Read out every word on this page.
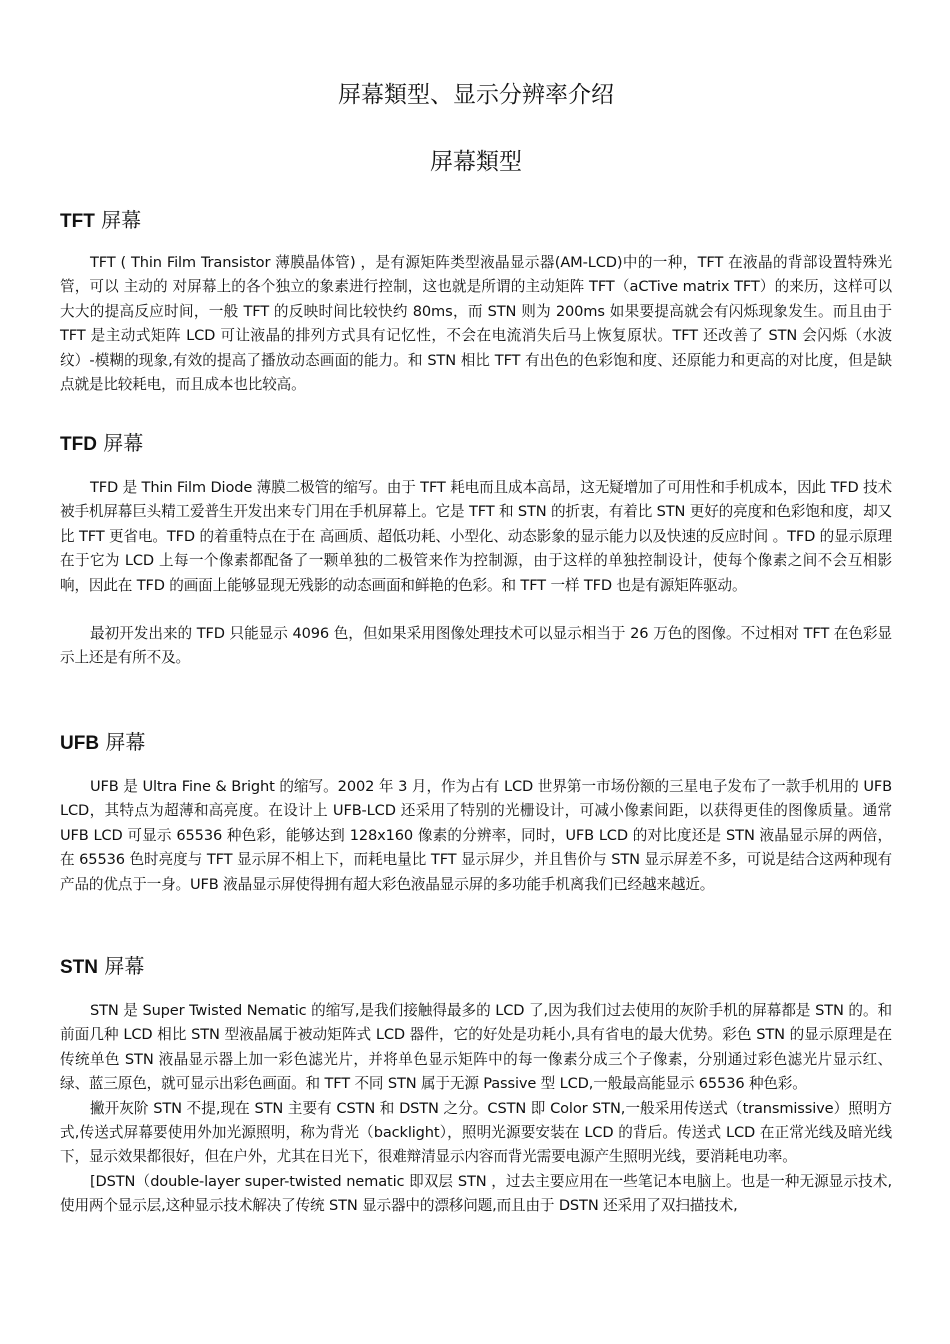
屏幕類型、显示分辨率介绍
屏幕類型
TFT 屏幕

TFT ( Thin Film Transistor 薄膜晶体管) ，是有源矩阵类型液晶显示器(AM-LCD)中的一种，TFT 在液晶的背部设置特殊光管，可以 主动的 对屏幕上的各个独立的象素进行控制，这也就是所谓的主动矩阵 TFT（aCTive matrix TFT）的来历，这样可以大大的提高反应时间，一般 TFT 的反映时间比较快约 80ms，而 STN 则为 200ms 如果要提高就会有闪烁现象发生。而且由于 TFT 是主动式矩阵 LCD 可让液晶的排列方式具有记忆性，不会在电流消失后马上恢复原状。TFT 还改善了 STN 会闪烁（水波纹）-模糊的现象,有效的提高了播放动态画面的能力。和 STN 相比 TFT 有出色的色彩饱和度、还原能力和更高的对比度，但是缺点就是比较耗电，而且成本也比较高。

TFD 屏幕

TFD 是 Thin Film Diode 薄膜二极管的缩写。由于 TFT 耗电而且成本高昂，这无疑增加了可用性和手机成本，因此 TFD 技术被手机屏幕巨头精工爱普生开发出来专门用在手机屏幕上。它是 TFT 和 STN 的折衷，有着比 STN 更好的亮度和色彩饱和度，却又比 TFT 更省电。TFD 的着重特点在于在 高画质、超低功耗、小型化、动态影象的显示能力以及快速的反应时间 。TFD 的显示原理在于它为 LCD 上每一个像素都配备了一颗单独的二极管来作为控制源，由于这样的单独控制设计，使每个像素之间不会互相影响，因此在 TFD 的画面上能够显现无残影的动态画面和鲜艳的色彩。和 TFT 一样 TFD 也是有源矩阵驱动。

最初开发出来的 TFD 只能显示 4096 色，但如果采用图像处理技术可以显示相当于 26 万色的图像。不过相对 TFT 在色彩显示上还是有所不及。

UFB 屏幕

UFB 是 Ultra Fine & Bright 的缩写。2002 年 3 月，作为占有 LCD 世界第一市场份额的三星电子发布了一款手机用的 UFB LCD，其特点为超薄和高亮度。在设计上 UFB-LCD 还采用了特别的光栅设计，可减小像素间距，以获得更佳的图像质量。通常 UFB LCD 可显示 65536 种色彩，能够达到 128x160 像素的分辨率，同时，UFB LCD 的对比度还是 STN 液晶显示屏的两倍，在 65536 色时亮度与 TFT 显示屏不相上下，而耗电量比 TFT 显示屏少，并且售价与 STN 显示屏差不多，可说是结合这两种现有产品的优点于一身。UFB 液晶显示屏使得拥有超大彩色液晶显示屏的多功能手机离我们已经越来越近。

STN 屏幕

STN 是 Super Twisted Nematic 的缩写,是我们接触得最多的 LCD 了,因为我们过去使用的灰阶手机的屏幕都是 STN 的。和前面几种 LCD 相比 STN 型液晶属于被动矩阵式 LCD 器件，它的好处是功耗小,具有省电的最大优势。彩色 STN 的显示原理是在传统单色 STN 液晶显示器上加一彩色滤光片，并将单色显示矩阵中的每一像素分成三个子像素，分别通过彩色滤光片显示红、绿、蓝三原色，就可显示出彩色画面。和 TFT 不同 STN 属于无源 Passive 型 LCD,一般最高能显示 65536 种色彩。

撇开灰阶 STN 不提,现在 STN 主要有 CSTN 和 DSTN 之分。CSTN 即 Color STN,一般采用传送式（transmissive）照明方式,传送式屏幕要使用外加光源照明，称为背光（backlight），照明光源要安装在 LCD 的背后。传送式 LCD 在正常光线及暗光线下，显示效果都很好，但在户外，尤其在日光下，很难辩清显示内容而背光需要电源产生照明光线，要消耗电功率。

[DSTN（double-layer super-twisted nematic 即双层 STN ，过去主要应用在一些笔记本电脑上。也是一种无源显示技术,使用两个显示层,这种显示技术解决了传统 STN 显示器中的漂移问题,而且由于 DSTN 还采用了双扫描技术,
